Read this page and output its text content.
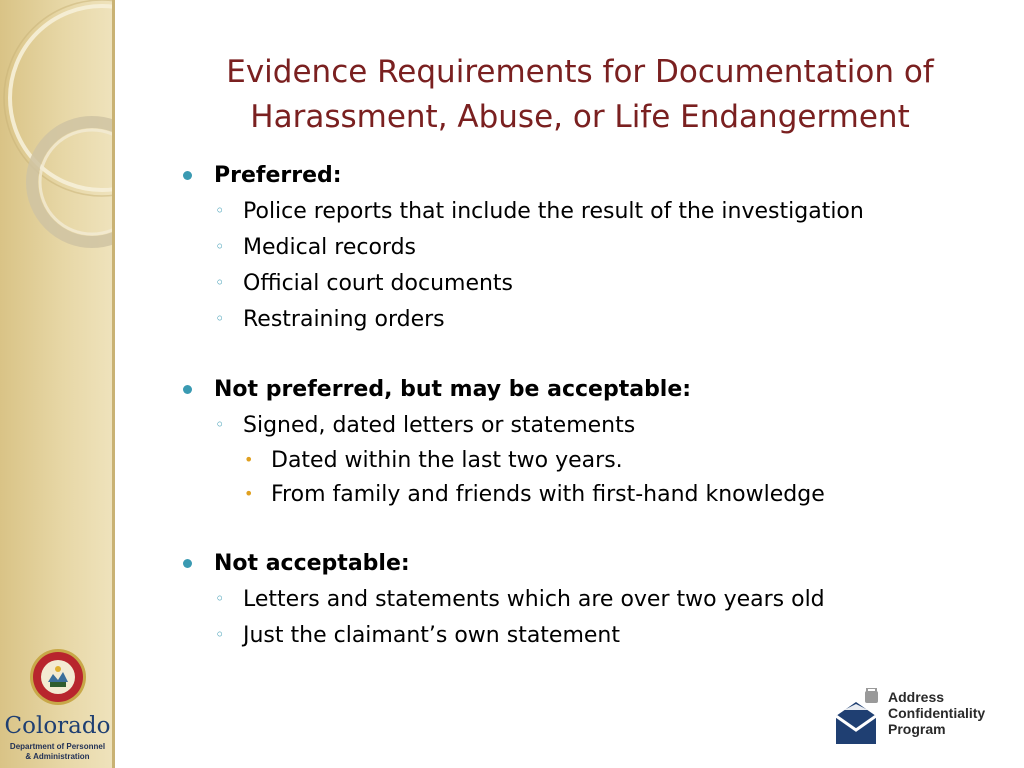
Evidence Requirements for Documentation of
Harassment, Abuse, or Life Endangerment
Preferred:
◦ Police reports that include the result of the investigation
◦ Medical records
◦ Official court documents
◦ Restraining orders
Not preferred, but may be acceptable:
◦ Signed, dated letters or statements
• Dated within the last two years.
• From family and friends with first-hand knowledge
Not acceptable:
◦ Letters and statements which are over two years old
◦ Just the claimant’s own statement
Colorado
Department of Personnel
& Administration
Address
Confidentiality
Program
